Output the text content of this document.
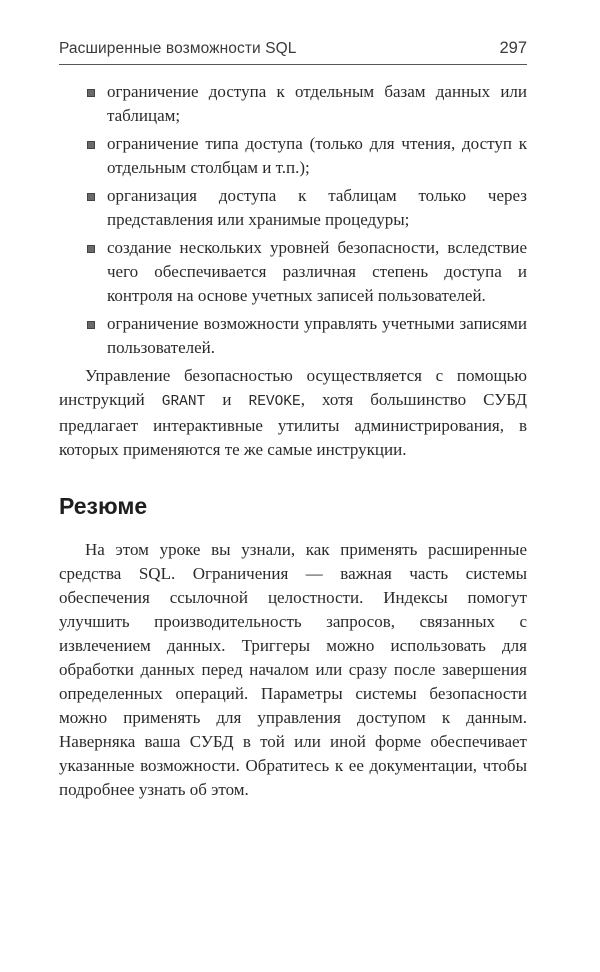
Расширенные возможности SQL	297
ограничение доступа к отдельным базам данных или таблицам;
ограничение типа доступа (только для чтения, доступ к отдельным столбцам и т.п.);
организация доступа к таблицам только через представления или хранимые процедуры;
создание нескольких уровней безопасности, вследствие чего обеспечивается различная степень доступа и контроля на основе учетных записей пользователей.
ограничение возможности управлять учетными записями пользователей.

Управление безопасностью осуществляется с помощью инструкций GRANT и REVOKE, хотя большинство СУБД предлагает интерактивные утилиты администрирования, в которых применяются те же самые инструкции.

Резюме

На этом уроке вы узнали, как применять расширенные средства SQL. Ограничения — важная часть системы обеспечения ссылочной целостности. Индексы помогут улучшить производительность запросов, связанных с извлечением данных. Триггеры можно использовать для обработки данных перед началом или сразу после завершения определенных операций. Параметры системы безопасности можно применять для управления доступом к данным. Наверняка ваша СУБД в той или иной форме обеспечивает указанные возможности. Обратитесь к ее документации, чтобы подробнее узнать об этом.
